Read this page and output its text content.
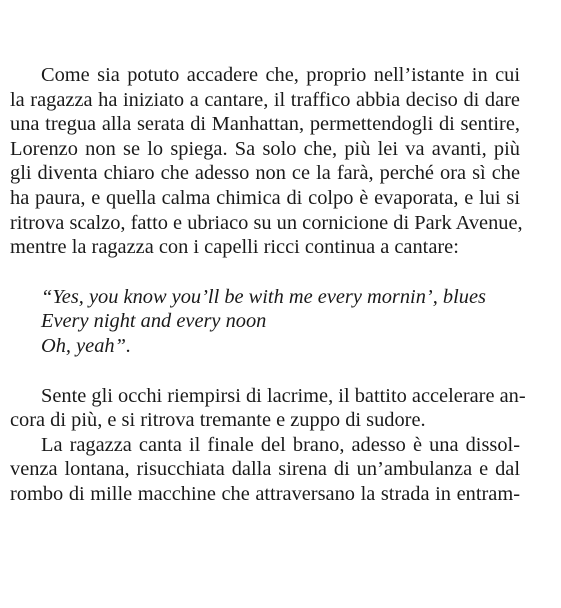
Come sia potuto accadere che, proprio nell’istante in cui
la ragazza ha iniziato a cantare, il traffico abbia deciso di dare
una tregua alla serata di Manhattan, permettendogli di sentire,
Lorenzo non se lo spiega. Sa solo che, più lei va avanti, più
gli diventa chiaro che adesso non ce la farà, perché ora sì che
ha paura, e quella calma chimica di colpo è evaporata, e lui si
ritrova scalzo, fatto e ubriaco su un cornicione di Park Avenue,
mentre la ragazza con i capelli ricci continua a cantare:
“Yes, you know you’ll be with me every mornin’, blues
Every night and every noon
Oh, yeah”.
Sente gli occhi riempirsi di lacrime, il battito accelerare an-
cora di più, e si ritrova tremante e zuppo di sudore.
La ragazza canta il finale del brano, adesso è una dissol-
venza lontana, risucchiata dalla sirena di un’ambulanza e dal
rombo di mille macchine che attraversano la strada in entram-
